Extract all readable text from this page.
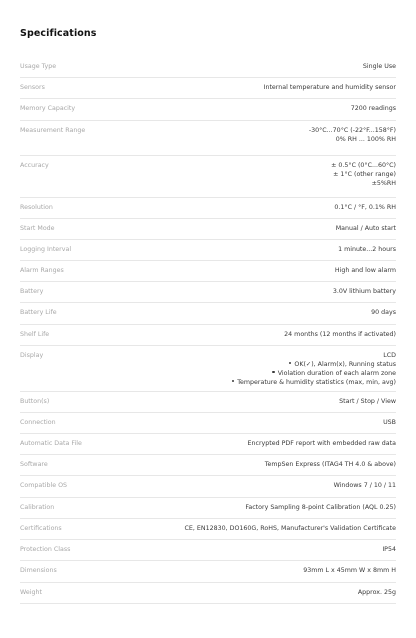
Specifications
Usage Type	Single Use
Sensors	Internal temperature and humidity sensor
Memory Capacity	7200 readings
Measurement Range	-30°C...70°C (-22°F...158°F)
0% RH ... 100% RH
Accuracy	± 0.5°C (0°C...60°C)
± 1°C (other range)
±5%RH
Resolution	0.1°C / °F, 0.1% RH
Start Mode	Manual / Auto start
Logging Interval	1 minute...2 hours
Alarm Ranges	High and low alarm
Battery	3.0V lithium battery
Battery Life	90 days
Shelf Life	24 months (12 months if activated)
Display	LCD
OK(✓), Alarm(x), Running status
Violation duration of each alarm zone
Temperature & humidity statistics (max, min, avg)
Button(s)	Start / Stop / View
Connection	USB
Automatic Data File	Encrypted PDF report with embedded raw data
Software	TempSen Express (ITAG4 TH 4.0 & above)
Compatible OS	Windows 7 / 10 / 11
Calibration	Factory Sampling 8-point Calibration (AQL 0.25)
Certifications	CE, EN12830, DO160G, RoHS, Manufacturer's Validation Certificate
Protection Class	IP54
Dimensions	93mm L x 45mm W x 8mm H
Weight	Approx. 25g
